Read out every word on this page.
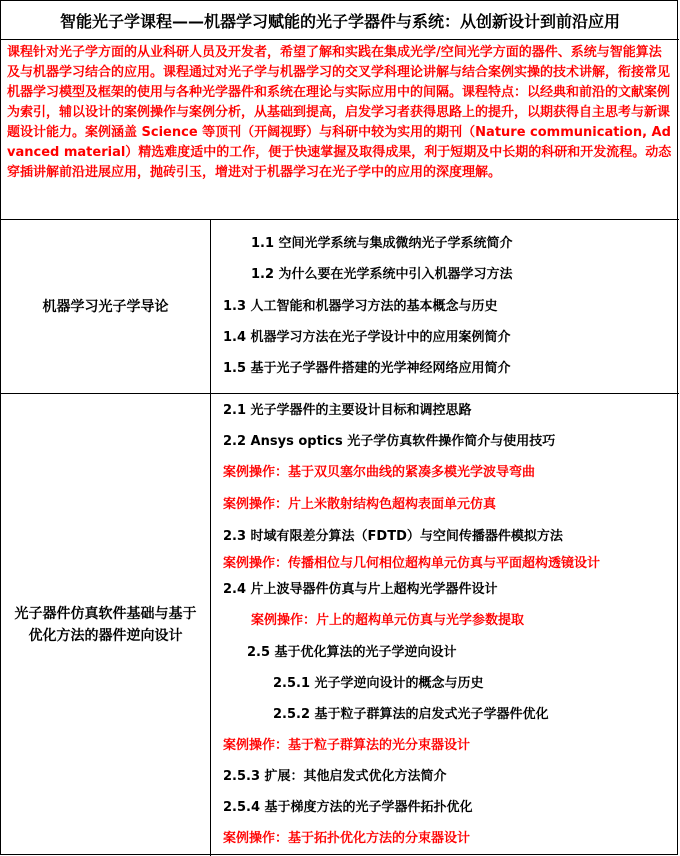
智能光子学课程——机器学习赋能的光子学器件与系统：从创新设计到前沿应用

课程针对光子学方面的从业科研人员及开发者，希望了解和实践在集成光学/空间光学方面的器件、系统与智能算法及与机器学习结合的应用。课程通过对光子学与机器学习的交叉学科理论讲解与结合案例实操的技术讲解，衔接常见机器学习模型及框架的使用与各种光学器件和系统在理论与实际应用中的间隔。课程特点：以经典和前沿的文献案例为索引，辅以设计的案例操作与案例分析，从基础到提高，启发学习者获得思路上的提升，以期获得自主思考与新课题设计能力。案例涵盖 Science 等顶刊（开阔视野）与科研中较为实用的期刊（Nature communication, Advanced material）精选难度适中的工作，便于快速掌握及取得成果，利于短期及中长期的科研和开发流程。动态穿插讲解前沿进展应用，抛砖引玉，增进对于机器学习在光子学中的应用的深度理解。

机器学习光子学导论
1.1 空间光学系统与集成微纳光子学系统简介
1.2 为什么要在光学系统中引入机器学习方法
1.3 人工智能和机器学习方法的基本概念与历史
1.4 机器学习方法在光子学设计中的应用案例简介
1.5 基于光子学器件搭建的光学神经网络应用简介
光子器件仿真软件基础与基于优化方法的器件逆向设计
2.1 光子学器件的主要设计目标和调控思路
2.2 Ansys optics 光子学仿真软件操作简介与使用技巧
案例操作：基于双贝塞尔曲线的紧凑多模光学波导弯曲
案例操作：片上米散射结构色超构表面单元仿真
2.3 时域有限差分算法（FDTD）与空间传播器件模拟方法
案例操作：传播相位与几何相位超构单元仿真与平面超构透镜设计
2.4 片上波导器件仿真与片上超构光学器件设计
案例操作：片上的超构单元仿真与光学参数提取
2.5 基于优化算法的光子学逆向设计
2.5.1 光子学逆向设计的概念与历史
2.5.2 基于粒子群算法的启发式光子学器件优化
案例操作：基于粒子群算法的光分束器设计
2.5.3 扩展：其他启发式优化方法简介
2.5.4 基于梯度方法的光子学器件拓扑优化
案例操作：基于拓扑优化方法的分束器设计
